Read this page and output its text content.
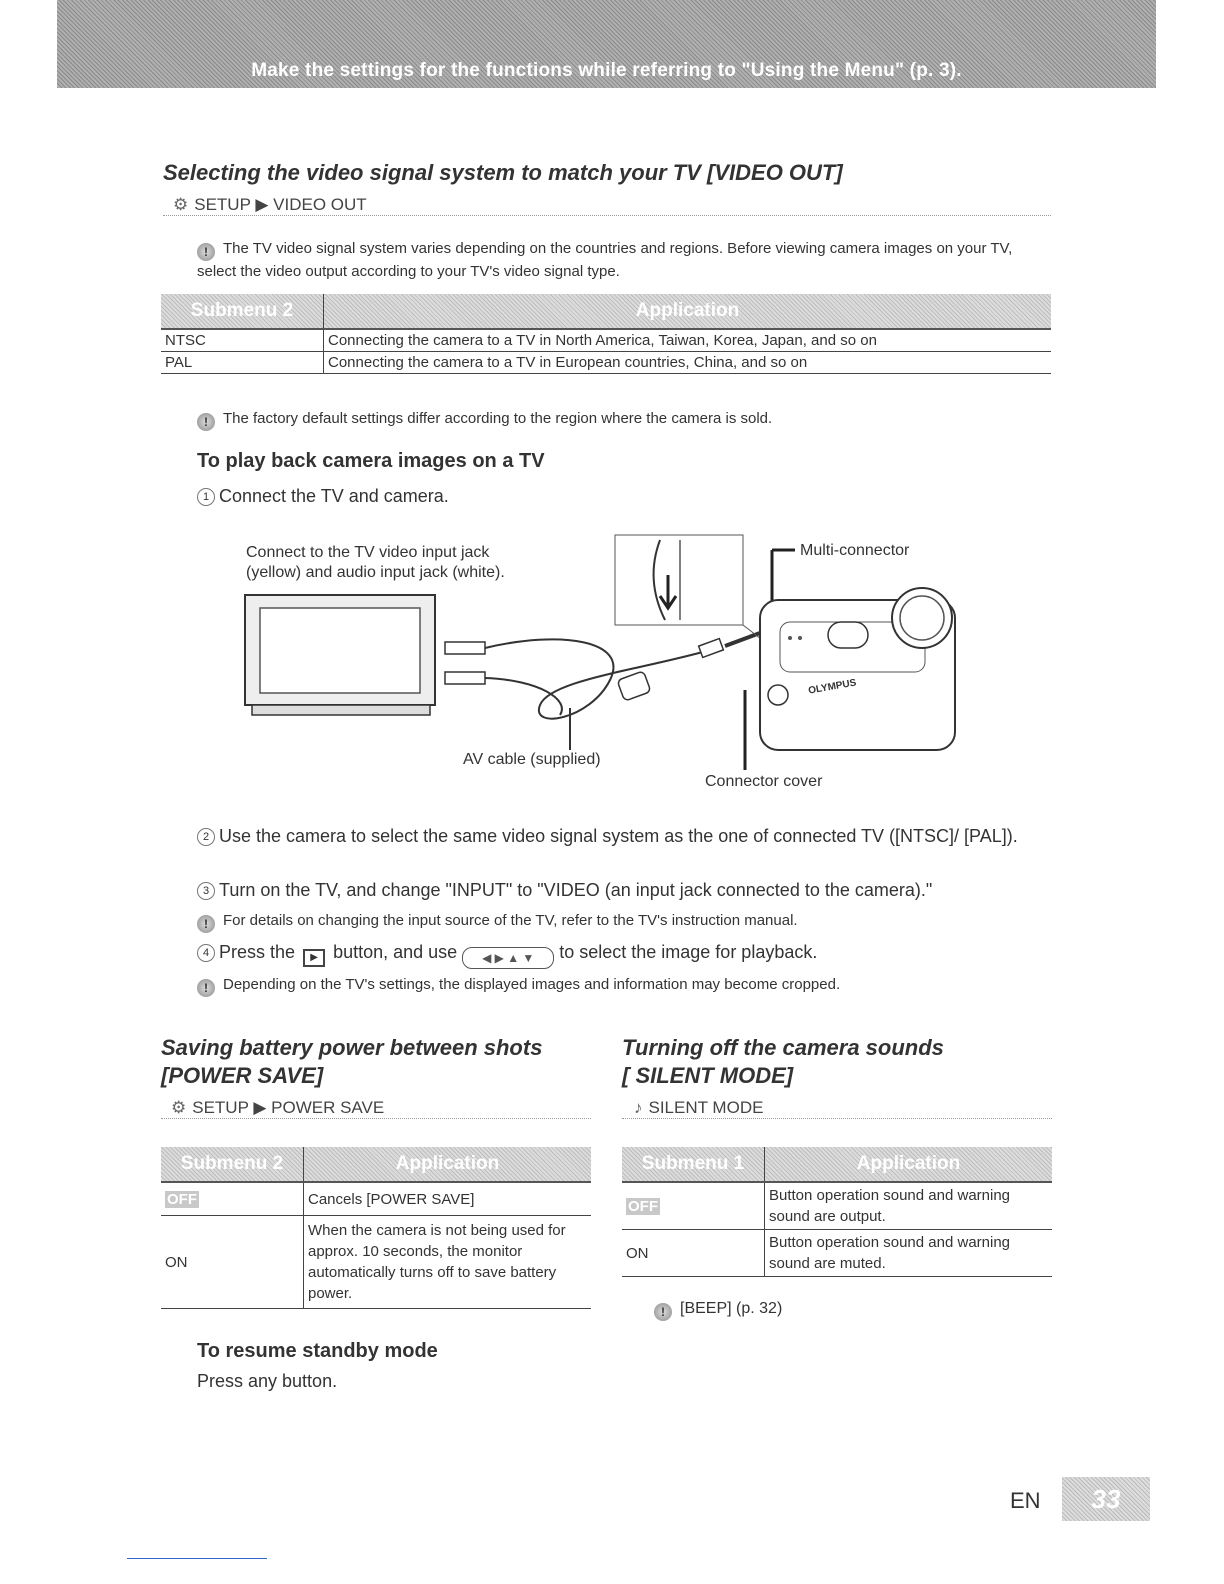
Make the settings for the functions while referring to "Using the Menu" (p. 3).
Selecting the video signal system to match your TV [VIDEO OUT]
⚙ SETUP ▶ VIDEO OUT
! The TV video signal system varies depending on the countries and regions. Before viewing camera images on your TV, select the video output according to your TV's video signal type.
Submenu 2	Application
NTSC	Connecting the camera to a TV in North America, Taiwan, Korea, Japan, and so on
PAL	Connecting the camera to a TV in European countries, China, and so on
! The factory default settings differ according to the region where the camera is sold.
To play back camera images on a TV
1 Connect the TV and camera.
Connect to the TV video input jack (yellow) and audio input jack (white).
Multi-connector
AV cable (supplied)
Connector cover
OLYMPUS
2 Use the camera to select the same video signal system as the one of connected TV ([NTSC]/ [PAL]).
3 Turn on the TV, and change "INPUT" to "VIDEO (an input jack connected to the camera)."
! For details on changing the input source of the TV, refer to the TV's instruction manual.
4 Press the ▶ button, and use ◀ ▶ ▲ ▼ to select the image for playback.
! Depending on the TV's settings, the displayed images and information may become cropped.
Saving battery power between shots
[POWER SAVE]
⚙ SETUP ▶ POWER SAVE
Submenu 2	Application
OFF	Cancels [POWER SAVE]
ON	When the camera is not being used for approx. 10 seconds, the monitor automatically turns off to save battery power.
To resume standby mode
Press any button.
Turning off the camera sounds
[ SILENT MODE]
♪ SILENT MODE
Submenu 1	Application
OFF	Button operation sound and warning sound are output.
ON	Button operation sound and warning sound are muted.
! [BEEP] (p. 32)
EN	33
